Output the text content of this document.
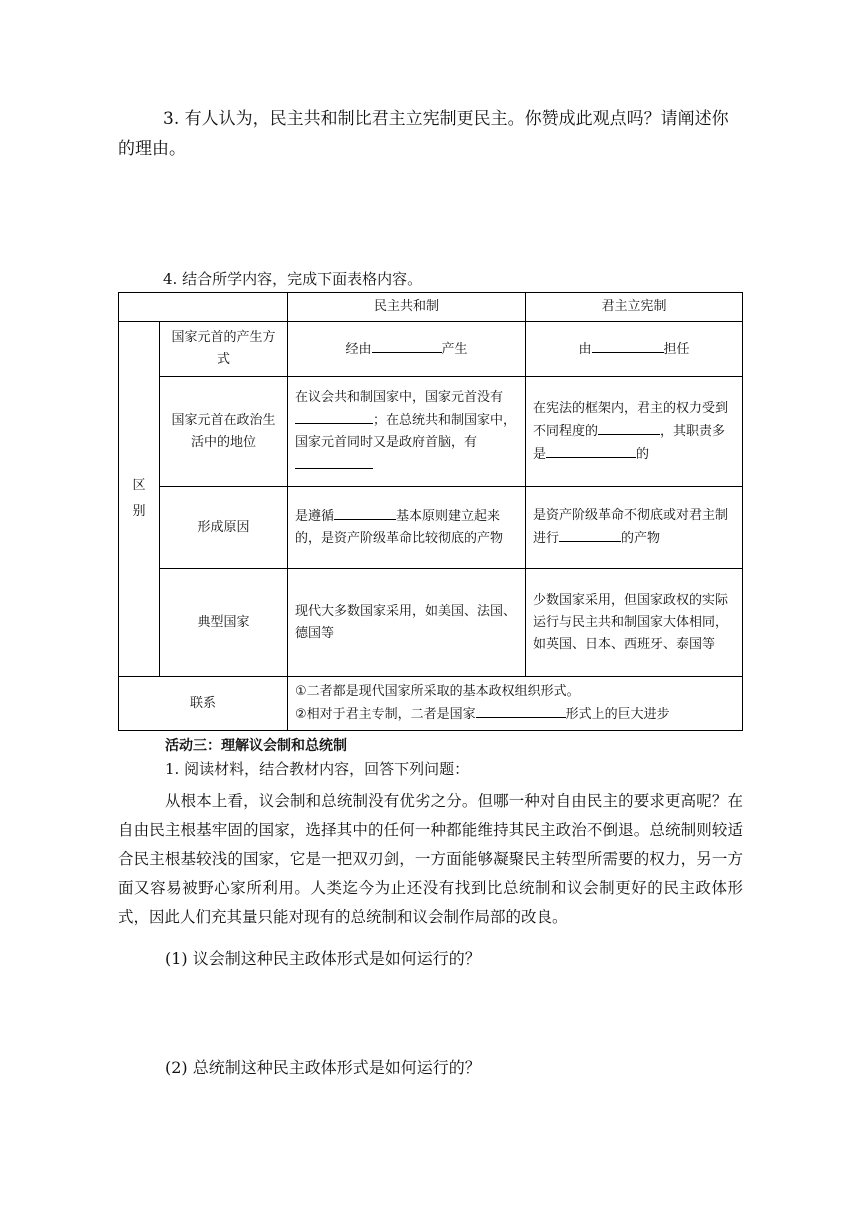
3. 有人认为，民主共和制比君主立宪制更民主。你赞成此观点吗？请阐述你的理由。

4. 结合所学内容，完成下面表格内容。

		民主共和制	君主立宪制
区别	国家元首的产生方式	经由 产生	由 担任
	国家元首在政治生活中的地位	在议会共和制国家中，国家元首没有；在总统共和制国家中，国家元首同时又是政府首脑，有	在宪法的框架内，君主的权力受到不同程度的 ，其职责多是 的
	形成原因	是遵循 基本原则建立起来的，是资产阶级革命比较彻底的产物	是资产阶级革命不彻底或对君主制进行 的产物
	典型国家	现代大多数国家采用，如美国、法国、德国等	少数国家采用，但国家政权的实际运行与民主共和制国家大体相同，如英国、日本、西班牙、泰国等
联系		①二者都是现代国家所采取的基本政权组织形式。
②相对于君主专制，二者是国家 形式上的巨大进步	

活动三：理解议会制和总统制

1. 阅读材料，结合教材内容，回答下列问题：

从根本上看，议会制和总统制没有优劣之分。但哪一种对自由民主的要求更高呢？在自由民主根基牢固的国家，选择其中的任何一种都能维持其民主政治不倒退。总统制则较适合民主根基较浅的国家，它是一把双刃剑，一方面能够凝聚民主转型所需要的权力，另一方面又容易被野心家所利用。人类迄今为止还没有找到比总统制和议会制更好的民主政体形式，因此人们充其量只能对现有的总统制和议会制作局部的改良。

(1) 议会制这种民主政体形式是如何运行的？

(2) 总统制这种民主政体形式是如何运行的？
